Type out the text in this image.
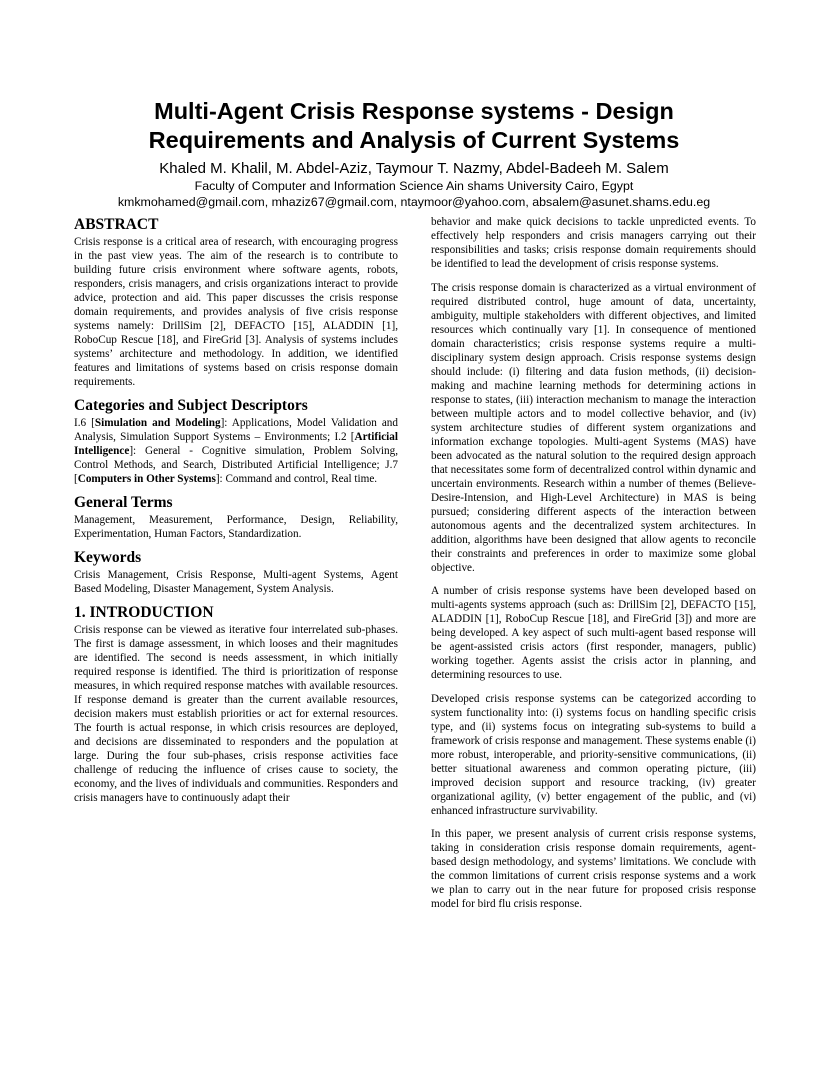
Multi-Agent Crisis Response systems - Design
Requirements and Analysis of Current Systems
Khaled M. Khalil, M. Abdel-Aziz, Taymour T. Nazmy, Abdel-Badeeh M. Salem
Faculty of Computer and Information Science Ain shams University Cairo, Egypt
kmkmohamed@gmail.com, mhaziz67@gmail.com, ntaymoor@yahoo.com, absalem@asunet.shams.edu.eg
ABSTRACT

Crisis response is a critical area of research, with encouraging progress in the past view yeas. The aim of the research is to contribute to building future crisis environment where software agents, robots, responders, crisis managers, and crisis organizations interact to provide advice, protection and aid. This paper discusses the crisis response domain requirements, and provides analysis of five crisis response systems namely: DrillSim [2], DEFACTO [15], ALADDIN [1], RoboCup Rescue [18], and FireGrid [3]. Analysis of systems includes systems’ architecture and methodology. In addition, we identified features and limitations of systems based on crisis response domain requirements.

Categories and Subject Descriptors

I.6 [Simulation and Modeling]: Applications, Model Validation and Analysis, Simulation Support Systems – Environments; I.2 [Artificial Intelligence]: General - Cognitive simulation, Problem Solving, Control Methods, and Search, Distributed Artificial Intelligence; J.7 [Computers in Other Systems]: Command and control, Real time.

General Terms

Management, Measurement, Performance, Design, Reliability, Experimentation, Human Factors, Standardization.

Keywords

Crisis Management, Crisis Response, Multi-agent Systems, Agent Based Modeling, Disaster Management, System Analysis.

1. INTRODUCTION

Crisis response can be viewed as iterative four interrelated sub-phases. The first is damage assessment, in which looses and their magnitudes are identified. The second is needs assessment, in which initially required response is identified. The third is prioritization of response measures, in which required response matches with available resources. If response demand is greater than the current available resources, decision makers must establish priorities or act for external resources. The fourth is actual response, in which crisis resources are deployed, and decisions are disseminated to responders and the population at large. During the four sub-phases, crisis response activities face challenge of reducing the influence of crises cause to society, the economy, and the lives of individuals and communities. Responders and crisis managers have to continuously adapt their

behavior and make quick decisions to tackle unpredicted events. To effectively help responders and crisis managers carrying out their responsibilities and tasks; crisis response domain requirements should be identified to lead the development of crisis response systems.

The crisis response domain is characterized as a virtual environment of required distributed control, huge amount of data, uncertainty, ambiguity, multiple stakeholders with different objectives, and limited resources which continually vary [1]. In consequence of mentioned domain characteristics; crisis response systems require a multi-disciplinary system design approach. Crisis response systems design should include: (i) filtering and data fusion methods, (ii) decision-making and machine learning methods for determining actions in response to states, (iii) interaction mechanism to manage the interaction between multiple actors and to model collective behavior, and (iv) system architecture studies of different system organizations and information exchange topologies. Multi-agent Systems (MAS) have been advocated as the natural solution to the required design approach that necessitates some form of decentralized control within dynamic and uncertain environments. Research within a number of themes (Believe-Desire-Intension, and High-Level Architecture) in MAS is being pursued; considering different aspects of the interaction between autonomous agents and the decentralized system architectures. In addition, algorithms have been designed that allow agents to reconcile their constraints and preferences in order to maximize some global objective.

A number of crisis response systems have been developed based on multi-agents systems approach (such as: DrillSim [2], DEFACTO [15], ALADDIN [1], RoboCup Rescue [18], and FireGrid [3]) and more are being developed. A key aspect of such multi-agent based response will be agent-assisted crisis actors (first responder, managers, public) working together. Agents assist the crisis actor in planning, and determining resources to use.

Developed crisis response systems can be categorized according to system functionality into: (i) systems focus on handling specific crisis type, and (ii) systems focus on integrating sub-systems to build a framework of crisis response and management. These systems enable (i) more robust, interoperable, and priority-sensitive communications, (ii) better situational awareness and common operating picture, (iii) improved decision support and resource tracking, (iv) greater organizational agility, (v) better engagement of the public, and (vi) enhanced infrastructure survivability.

In this paper, we present analysis of current crisis response systems, taking in consideration crisis response domain requirements, agent-based design methodology, and systems’ limitations. We conclude with the common limitations of current crisis response systems and a work we plan to carry out in the near future for proposed crisis response model for bird flu crisis response.
